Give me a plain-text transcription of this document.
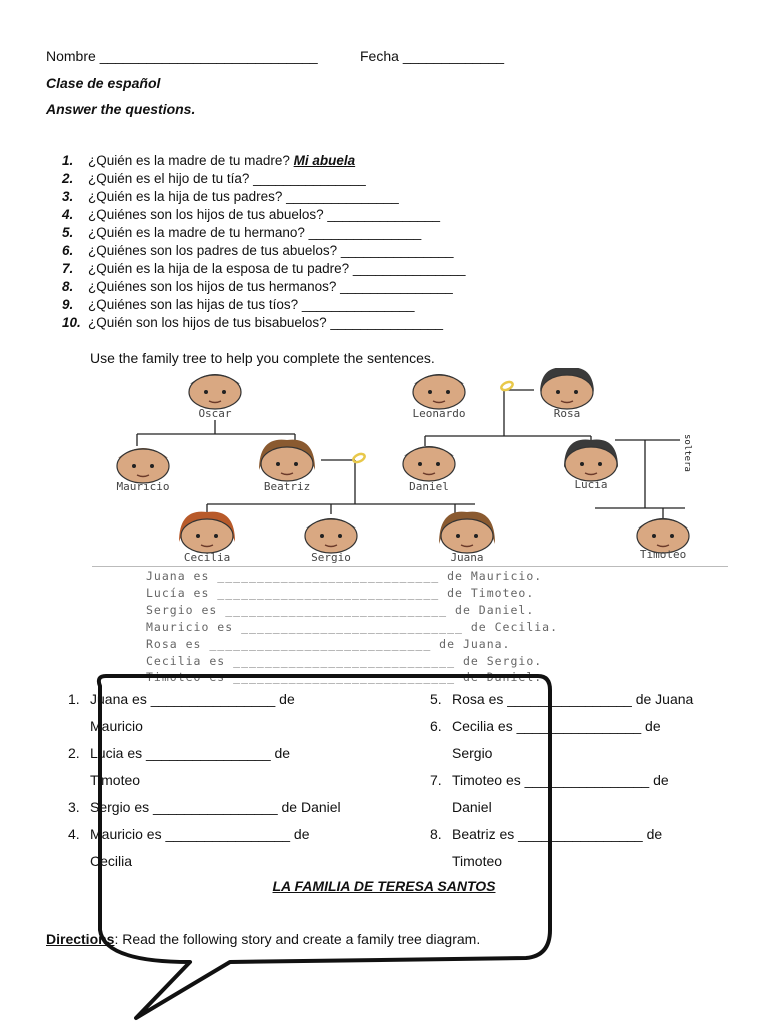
Nombre ____________________________	Fecha _____________
Clase de español
Answer the questions.
1. ¿Quién es la madre de tu madre? Mi abuela
2. ¿Quién es el hijo de tu tía? _______________
3. ¿Quién es la hija de tus padres? _______________
4. ¿Quiénes son los hijos de tus abuelos? _______________
5. ¿Quién es la madre de tu hermano? _______________
6. ¿Quiénes son los padres de tus abuelos? _______________
7. ¿Quién es la hija de la esposa de tu padre? _______________
8. ¿Quiénes son los hijos de tus hermanos? _______________
9. ¿Quiénes son las hijas de tus tíos? _______________
10. ¿Quién son los hijos de tus bisabuelos? _______________
Use the family tree to help you complete the sentences.
soltera
Oscar	Leonardo	Rosa
Mauricio	Beatriz	Daniel	Lucía
Cecilia	Sergio	Juana	Timoteo
Juana es ____________________________ de Mauricio.
Lucía es ____________________________ de Timoteo.
Sergio es ____________________________ de Daniel.
Mauricio es ____________________________ de Cecilia.
Rosa es ____________________________ de Juana.
Cecilia es ____________________________ de Sergio.
Timoteo es ____________________________ de Daniel.
1. Juana es ________________ de
Mauricio
2. Lucia es ________________ de
Timoteo
3. Sergio es ________________ de Daniel
4. Mauricio es ________________ de
Cecilia
5. Rosa es ________________ de Juana
6. Cecilia es ________________ de
Sergio
7. Timoteo es ________________ de
Daniel
8. Beatriz es ________________ de
Timoteo
LA FAMILIA DE TERESA SANTOS
Directions: Read the following story and create a family tree diagram.
